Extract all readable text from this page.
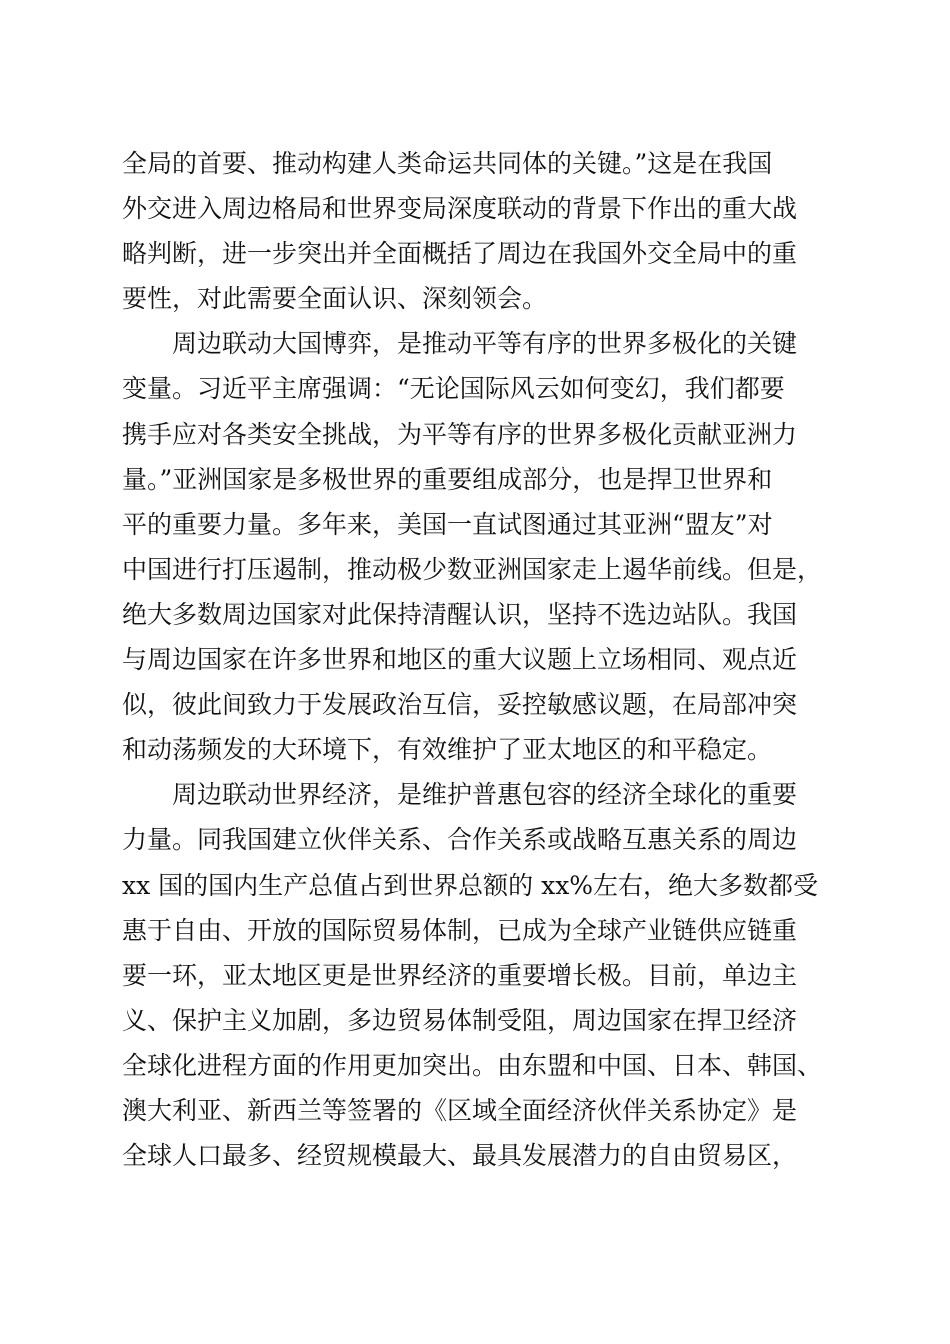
全局的首要、推动构建人类命运共同体的关键。”这是在我国
外交进入周边格局和世界变局深度联动的背景下作出的重大战
略判断，进一步突出并全面概括了周边在我国外交全局中的重
要性，对此需要全面认识、深刻领会。
周边联动大国博弈，是推动平等有序的世界多极化的关键
变量。习近平主席强调：“无论国际风云如何变幻，我们都要
携手应对各类安全挑战，为平等有序的世界多极化贡献亚洲力
量。”亚洲国家是多极世界的重要组成部分，也是捍卫世界和
平的重要力量。多年来，美国一直试图通过其亚洲“盟友”对
中国进行打压遏制，推动极少数亚洲国家走上遏华前线。但是，
绝大多数周边国家对此保持清醒认识，坚持不选边站队。我国
与周边国家在许多世界和地区的重大议题上立场相同、观点近
似，彼此间致力于发展政治互信，妥控敏感议题，在局部冲突
和动荡频发的大环境下，有效维护了亚太地区的和平稳定。
周边联动世界经济，是维护普惠包容的经济全球化的重要
力量。同我国建立伙伴关系、合作关系或战略互惠关系的周边
xx 国的国内生产总值占到世界总额的 xx%左右，绝大多数都受
惠于自由、开放的国际贸易体制，已成为全球产业链供应链重
要一环，亚太地区更是世界经济的重要增长极。目前，单边主
义、保护主义加剧，多边贸易体制受阻，周边国家在捍卫经济
全球化进程方面的作用更加突出。由东盟和中国、日本、韩国、
澳大利亚、新西兰等签署的《区域全面经济伙伴关系协定》是
全球人口最多、经贸规模最大、最具发展潜力的自由贸易区，
